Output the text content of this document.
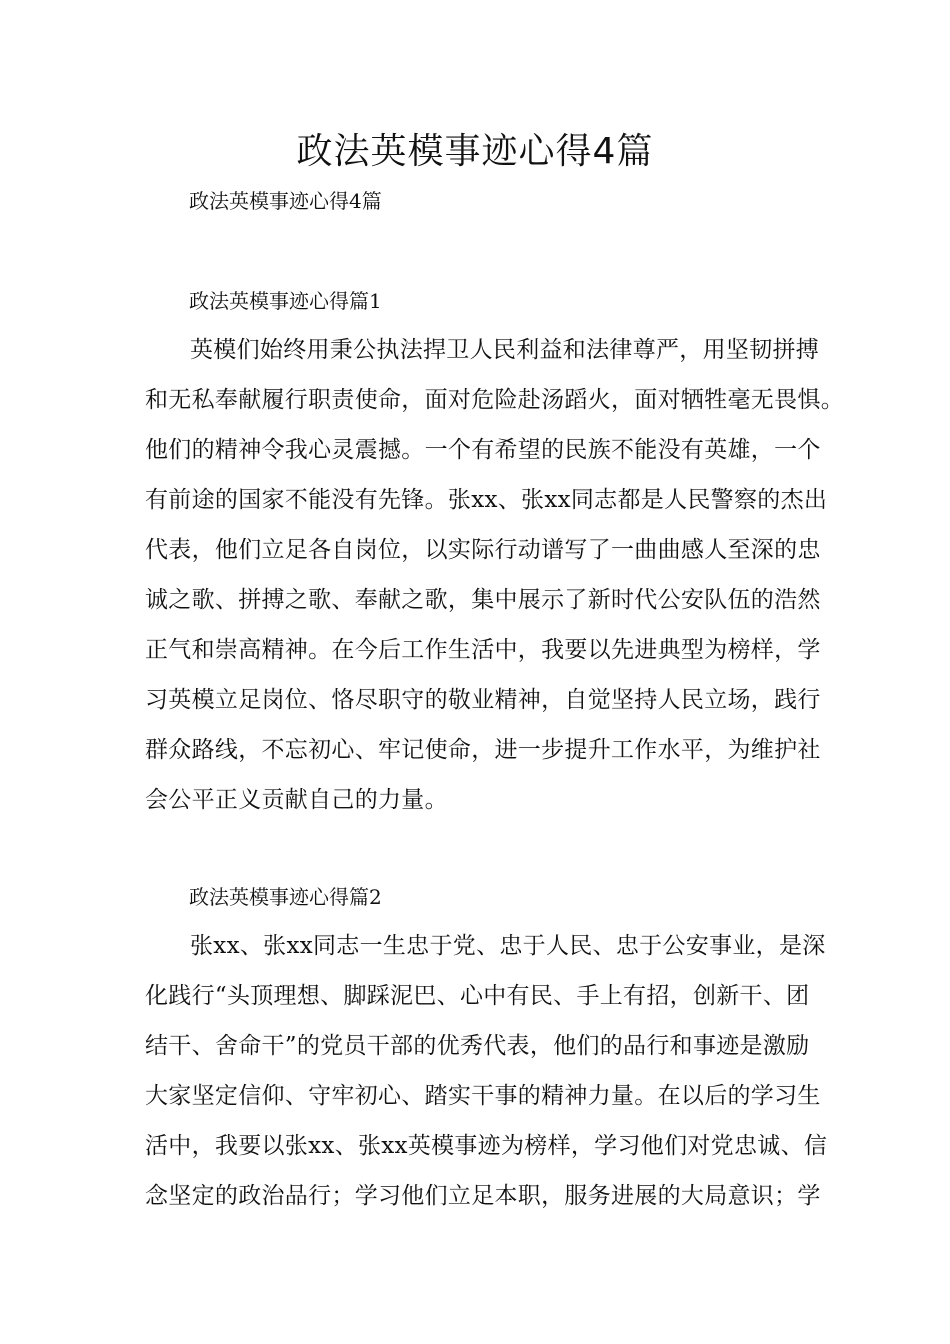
政法英模事迹心得4篇

政法英模事迹心得4篇

政法英模事迹心得篇1
英模们始终用秉公执法捍卫人民利益和法律尊严，用坚韧拼搏
和无私奉献履行职责使命，面对危险赴汤蹈火，面对牺牲毫无畏惧。
他们的精神令我心灵震撼。一个有希望的民族不能没有英雄，一个
有前途的国家不能没有先锋。张xx、张xx同志都是人民警察的杰出
代表，他们立足各自岗位，以实际行动谱写了一曲曲感人至深的忠
诚之歌、拼搏之歌、奉献之歌，集中展示了新时代公安队伍的浩然
正气和崇高精神。在今后工作生活中，我要以先进典型为榜样，学
习英模立足岗位、恪尽职守的敬业精神，自觉坚持人民立场，践行
群众路线，不忘初心、牢记使命，进一步提升工作水平，为维护社
会公平正义贡献自己的力量。
政法英模事迹心得篇2
张xx、张xx同志一生忠于党、忠于人民、忠于公安事业，是深
化践行“头顶理想、脚踩泥巴、心中有民、手上有招，创新干、团
结干、舍命干”的党员干部的优秀代表，他们的品行和事迹是激励
大家坚定信仰、守牢初心、踏实干事的精神力量。在以后的学习生
活中，我要以张xx、张xx英模事迹为榜样，学习他们对党忠诚、信
念坚定的政治品行；学习他们立足本职，服务进展的大局意识；学
